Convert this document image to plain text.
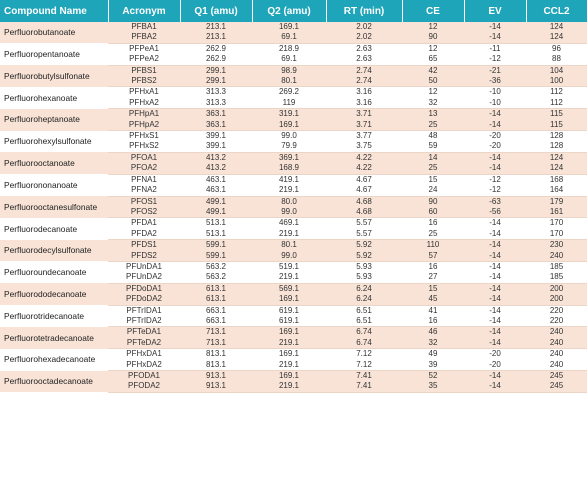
Compound Name	Acronym	Q1 (amu)	Q2 (amu)	RT (min)	CE	EV	CCL2
Perfluorobutanoate	PFBA1	213.1	169.1	2.02	12	-14	124
	PFBA2	213.1	69.1	2.02	90	-14	124
Perfluoropentanoate	PFPeA1	262.9	218.9	2.63	12	-11	96
	PFPeA2	262.9	69.1	2.63	65	-12	88
Perfluorobutylsulfonate	PFBS1	299.1	98.9	2.74	42	-21	104
	PFBS2	299.1	80.1	2.74	50	-36	100
Perfluorohexanoate	PFHxA1	313.3	269.2	3.16	12	-10	112
	PFHxA2	313.3	119	3.16	32	-10	112
Perfluoroheptanoate	PFHpA1	363.1	319.1	3.71	13	-14	115
	PFHpA2	363.1	169.1	3.71	25	-14	115
Perfluorohexylsulfonate	PFHxS1	399.1	99.0	3.77	48	-20	128
	PFHxS2	399.1	79.9	3.75	59	-20	128
Perfluorooctanoate	PFOA1	413.2	369.1	4.22	14	-14	124
	PFOA2	413.2	168.9	4.22	25	-14	124
Perfluorononanoate	PFNA1	463.1	419.1	4.67	15	-12	168
	PFNA2	463.1	219.1	4.67	24	-12	164
Perfluorooctanesulfonate	PFOS1	499.1	80.0	4.68	90	-63	179
	PFOS2	499.1	99.0	4.68	60	-56	161
Perfluorodecanoate	PFDA1	513.1	469.1	5.57	16	-14	170
	PFDA2	513.1	219.1	5.57	25	-14	170
Perfluorodecylsulfonate	PFDS1	599.1	80.1	5.92	110	-14	230
	PFDS2	599.1	99.0	5.92	57	-14	240
Perfluoroundecanoate	PFUnDA1	563.2	519.1	5.93	16	-14	185
	PFUnDA2	563.2	219.1	5.93	27	-14	185
Perfluorododecanoate	PFDoDA1	613.1	569.1	6.24	15	-14	200
	PFDoDA2	613.1	169.1	6.24	45	-14	200
Perfluorotridecanoate	PFTrIDA1	663.1	619.1	6.51	41	-14	220
	PFTrIDA2	663.1	619.1	6.51	16	-14	220
Perfluorotetradecanoate	PFTeDA1	713.1	169.1	6.74	46	-14	240
	PFTeDA2	713.1	219.1	6.74	32	-14	240
Perfluorohexadecanoate	PFHxDA1	813.1	169.1	7.12	49	-20	240
	PFHxDA2	813.1	219.1	7.12	39	-20	240
Perfluorooctadecanoate	PFODA1	913.1	169.1	7.41	52	-14	245
	PFODA2	913.1	219.1	7.41	35	-14	245
